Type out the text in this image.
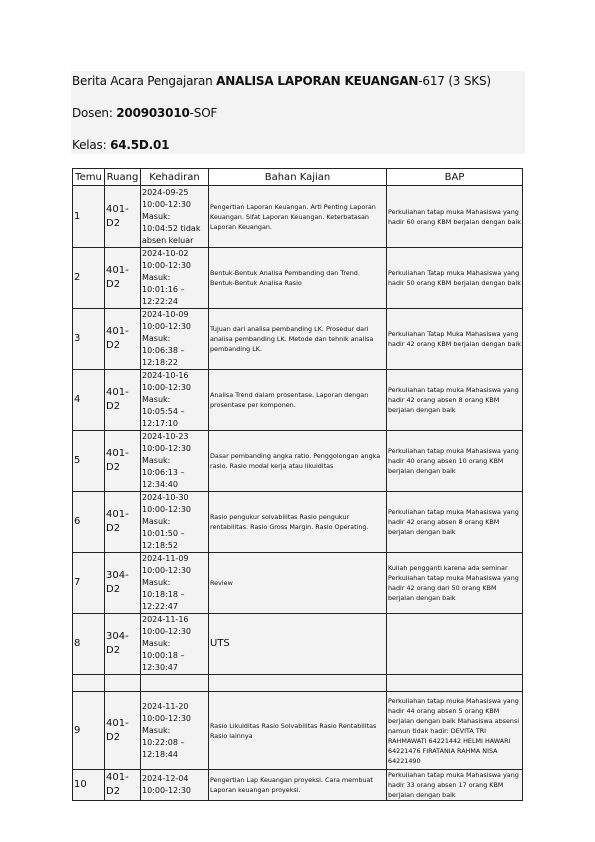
Berita Acara Pengajaran ANALISA LAPORAN KEUANGAN-617 (3 SKS)
Dosen: 200903010-SOF
Kelas: 64.5D.01
Temu	Ruang	Kehadiran	Bahan Kajian	BAP
1	401-D2	2024-09-25 10:00-12:30 Masuk: 10:04:52 tidak absen keluar	Pengertian Laporan Keuangan. Arti Penting Laporan Keuangan. Sifat Laporan Keuangan. Keterbatasan Laporan Keuangan.	Perkuliahan tatap muka Mahasiswa yang hadir 60 orang KBM berjalan dengan baik
2	401-D2	2024-10-02 10:00-12:30 Masuk: 10:01:16 – 12:22:24	Bentuk-Bentuk Analisa Pembanding dan Trend. Bentuk-Bentuk Analisa Rasio	Perkuliahan Tatap muka Mahasiswa yang hadir 50 orang KBM berjalan dengan baik
3	401-D2	2024-10-09 10:00-12:30 Masuk: 10:06:38 – 12:18:22	Tujuan dari analisa pembanding LK. Prosedur dari analisa pembanding LK. Metode dan tehnik analisa pembanding LK.	Perkuliahan Tatap Muka Mahasiswa yang hadir 42 orang KBM berjalan dengan baik
4	401-D2	2024-10-16 10:00-12:30 Masuk: 10:05:54 – 12:17:10	Analisa Trend dalam prosentase. Laporan dengan prosentase per komponen.	Perkuliahan tatap muka Mahasiswa yang hadir 42 orang absen 8 orang KBM berjalan dengan baik
5	401-D2	2024-10-23 10:00-12:30 Masuk: 10:06:13 – 12:34:40	Dasar pembanding angka ratio. Penggolongan angka rasio. Rasio modal kerja atau likuiditas	Perkuliahan tatap muka Mahasiswa yang hadir 40 orang absen 10 orang KBM berjalan dengan baik
6	401-D2	2024-10-30 10:00-12:30 Masuk: 10:01:50 – 12:18:52	Rasio pengukur solvabilitas Rasio pengukur rentabilitas. Rasio Gross Margin. Rasio Operating.	Perkuliahan tatap muka Mahasiswa yang hadir 42 orang absen 8 orang KBM berjalan dengan baik
7	304-D2	2024-11-09 10:00-12:30 Masuk: 10:18:18 – 12:22:47	Review	Kuliah pengganti karena ada seminar Perkuliahan tatap muka Mahasiswa yang hadir 42 orang dari 50 orang KBM berjalan dengan baik
8	304-D2	2024-11-16 10:00-12:30 Masuk: 10:00:18 – 12:30:47	UTS	

9	401-D2	2024-11-20 10:00-12:30 Masuk: 10:22:08 – 12:18:44	Rasio Likuiditas Rasio Solvabilitas Rasio Rentabilitas Rasio lainnya	Perkuliahan tatap muka Mahasiswa yang hadir 44 orang absen 5 orang KBM berjalan dengan baik Mahasiswa absensi namun tidak hadir: DEVITA TRI RAHMAWATI 64221442 HELMI HAWARI 64221476 FIRATANIA RAHMA NISA 64221490
10	401-D2	2024-12-04 10:00-12:30	Pengertian Lap Keuangan proyeksi. Cara membuat Laporan keuangan proyeksi.	Perkuliahan tatap muka Mahasiswa yang hadir 33 orang absen 17 orang KBM berjalan dengan baik
